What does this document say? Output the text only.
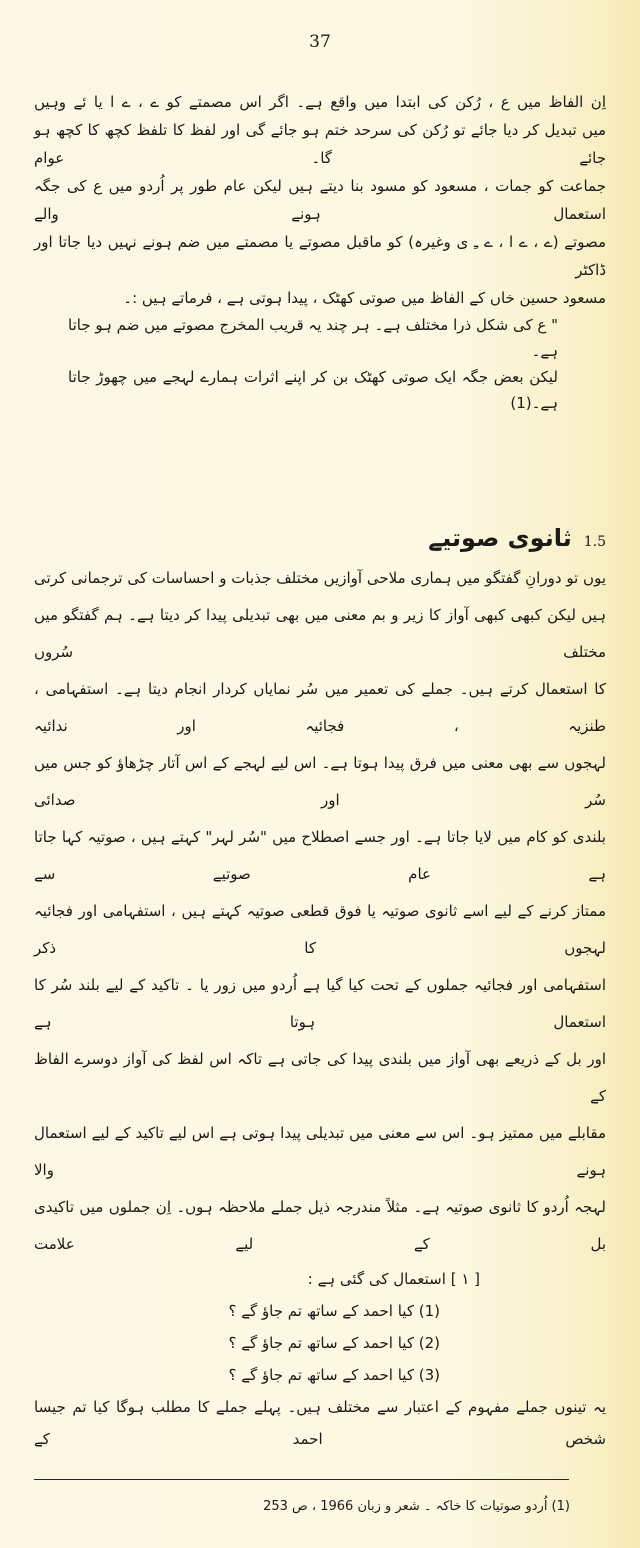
37
اِن الفاظ میں ع ، رُکن کی ابتدا میں واقع ہے۔ اگر اس مصمتے کو ے ، ے ا یا ئے وہیں
میں تبدیل کر دیا جائے تو رُکن کی سرحد ختم ہو جائے گی اور لفظ کا تلفظ کچھ کا کچھ ہو جائے گا۔ عوام
جماعت کو جمات ، مسعود کو مسود بنا دیتے ہیں لیکن عام طور پر اُردو میں ع کی جگہ استعمال ہونے والے
مصوتے (ے ، ے ا ، ے ـِ ی وغیرہ) کو ماقبل مصوتے یا مصمتے میں ضم ہونے نہیں دیا جاتا اور ڈاکٹر
مسعود حسین خاں کے الفاظ میں صوتی کھٹک ، پیدا ہوتی ہے ، فرماتے ہیں :۔
" ع کی شکل ذرا مختلف ہے۔ ہر چند یہ قریب المخرج مصوتے میں ضم ہو جاتا ہے۔
لیکن بعض جگہ ایک صوتی کھٹک بن کر اپنے اثرات ہمارے لہجے میں چھوڑ جاتا ہے۔(1)
1.5
ثانوی صوتیے
یوں تو دورانِ گفتگو میں ہماری ملاحی آوازیں مختلف جذبات و احساسات کی ترجمانی کرتی
ہیں لیکن کبھی کبھی آواز کا زیر و بم معنی میں بھی تبدیلی پیدا کر دیتا ہے۔ ہم گفتگو میں مختلف سُروں
کا استعمال کرتے ہیں۔ جملے کی تعمیر میں سُر نمایاں کردار انجام دیتا ہے۔ استفہامی ، طنزیہ ، فجائیہ اور ندائیہ
لہجوں سے بھی معنی میں فرق پیدا ہوتا ہے۔ اس لیے لہجے کے اس آتار چڑھاؤ کو جس میں سُر اور صدائی
بلندی کو کام میں لایا جاتا ہے۔ اور جسے اصطلاح میں "سُر لہر" کہتے ہیں ، صوتیہ کہا جاتا ہے عام صوتیے سے
ممتاز کرنے کے لیے اسے ثانوی صوتیہ یا فوق قطعی صوتیہ کہتے ہیں ، استفہامی اور فجائیہ لہجوں کا ذکر
استفہامی اور فجائیہ جملوں کے تحت کیا گیا ہے اُردو میں زور یا ۔ تاکید کے لیے بلند سُر کا استعمال ہوتا ہے
اور بل کے ذریعے بھی آواز میں بلندی پیدا کی جاتی ہے تاکہ اس لفظ کی آواز دوسرے الفاظ کے
مقابلے میں ممتیز ہو۔ اس سے معنی میں تبدیلی پیدا ہوتی ہے اس لیے تاکید کے لیے استعمال ہونے والا
لہجہ اُردو کا ثانوی صوتیہ ہے۔ مثلاً مندرجہ ذیل جملے ملاحظہ ہوں۔ اِن جملوں میں تاکیدی بل کے لیے علامت
[ ۱ ] استعمال کی گئی ہے :
(1) کیا احمد کے ساتھ تم جاؤ گے ؟
(2) کیا احمد کے ساتھ تم جاؤ گے ؟
(3) کیا احمد کے ساتھ تم جاؤ گے ؟
یہ تینوں جملے مفہوم کے اعتبار سے مختلف ہیں۔ پہلے جملے کا مطلب ہوگا کیا تم جیسا شخص احمد کے
(1) اُردو صوتیات کا خاکہ ۔ شعر و زبان 1966 ، ص 253
